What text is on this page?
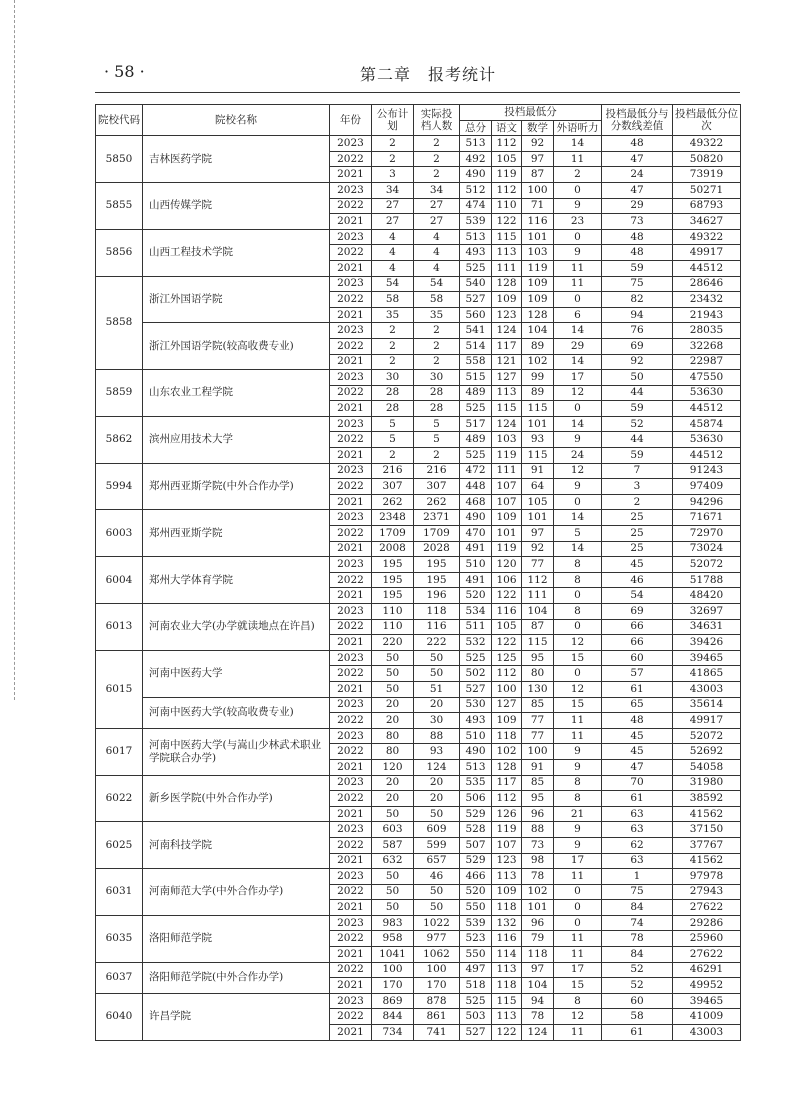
· 58 ·	第二章　报考统计
院校代码	院校名称	年份	公布计划	实际投档人数	投档最低分				投档最低分与分数线差值	投档最低分位次
					总分	语文	数学	外语听力		
5850	吉林医药学院	2023	2	2	513	112	92	14	48	49322
		2022	2	2	492	105	97	11	47	50820
		2021	3	2	490	119	87	2	24	73919
5855	山西传媒学院	2023	34	34	512	112	100	0	47	50271
		2022	27	27	474	110	71	9	29	68793
		2021	27	27	539	122	116	23	73	34627
5856	山西工程技术学院	2023	4	4	513	115	101	0	48	49322
		2022	4	4	493	113	103	9	48	49917
		2021	4	4	525	111	119	11	59	44512
5858	浙江外国语学院	2023	54	54	540	128	109	11	75	28646
		2022	58	58	527	109	109	0	82	23432
		2021	35	35	560	123	128	6	94	21943
	浙江外国语学院(较高收费专业)	2023	2	2	541	124	104	14	76	28035
		2022	2	2	514	117	89	29	69	32268
		2021	2	2	558	121	102	14	92	22987
5859	山东农业工程学院	2023	30	30	515	127	99	17	50	47550
		2022	28	28	489	113	89	12	44	53630
		2021	28	28	525	115	115	0	59	44512
5862	滨州应用技术大学	2023	5	5	517	124	101	14	52	45874
		2022	5	5	489	103	93	9	44	53630
		2021	2	2	525	119	115	24	59	44512
5994	郑州西亚斯学院(中外合作办学)	2023	216	216	472	111	91	12	7	91243
		2022	307	307	448	107	64	9	3	97409
		2021	262	262	468	107	105	0	2	94296
6003	郑州西亚斯学院	2023	2348	2371	490	109	101	14	25	71671
		2022	1709	1709	470	101	97	5	25	72970
		2021	2008	2028	491	119	92	14	25	73024
6004	郑州大学体育学院	2023	195	195	510	120	77	8	45	52072
		2022	195	195	491	106	112	8	46	51788
		2021	195	196	520	122	111	0	54	48420
6013	河南农业大学(办学就读地点在许昌)	2023	110	118	534	116	104	8	69	32697
		2022	110	116	511	105	87	0	66	34631
		2021	220	222	532	122	115	12	66	39426
6015	河南中医药大学	2023	50	50	525	125	95	15	60	39465
		2022	50	50	502	112	80	0	57	41865
		2021	50	51	527	100	130	12	61	43003
	河南中医药大学(较高收费专业)	2023	20	20	530	127	85	15	65	35614
		2022	20	30	493	109	77	11	48	49917
6017	河南中医药大学(与嵩山少林武术职业学院联合办学)	2023	80	88	510	118	77	11	45	52072
		2022	80	93	490	102	100	9	45	52692
		2021	120	124	513	128	91	9	47	54058
6022	新乡医学院(中外合作办学)	2023	20	20	535	117	85	8	70	31980
		2022	20	20	506	112	95	8	61	38592
		2021	50	50	529	126	96	21	63	41562
6025	河南科技学院	2023	603	609	528	119	88	9	63	37150
		2022	587	599	507	107	73	9	62	37767
		2021	632	657	529	123	98	17	63	41562
6031	河南师范大学(中外合作办学)	2023	50	46	466	113	78	11	1	97978
		2022	50	50	520	109	102	0	75	27943
		2021	50	50	550	118	101	0	84	27622
6035	洛阳师范学院	2023	983	1022	539	132	96	0	74	29286
		2022	958	977	523	116	79	11	78	25960
		2021	1041	1062	550	114	118	11	84	27622
6037	洛阳师范学院(中外合作办学)	2022	100	100	497	113	97	17	52	46291
		2021	170	170	518	118	104	15	52	49952
6040	许昌学院	2023	869	878	525	115	94	8	60	39465
		2022	844	861	503	113	78	12	58	41009
		2021	734	741	527	122	124	11	61	43003
